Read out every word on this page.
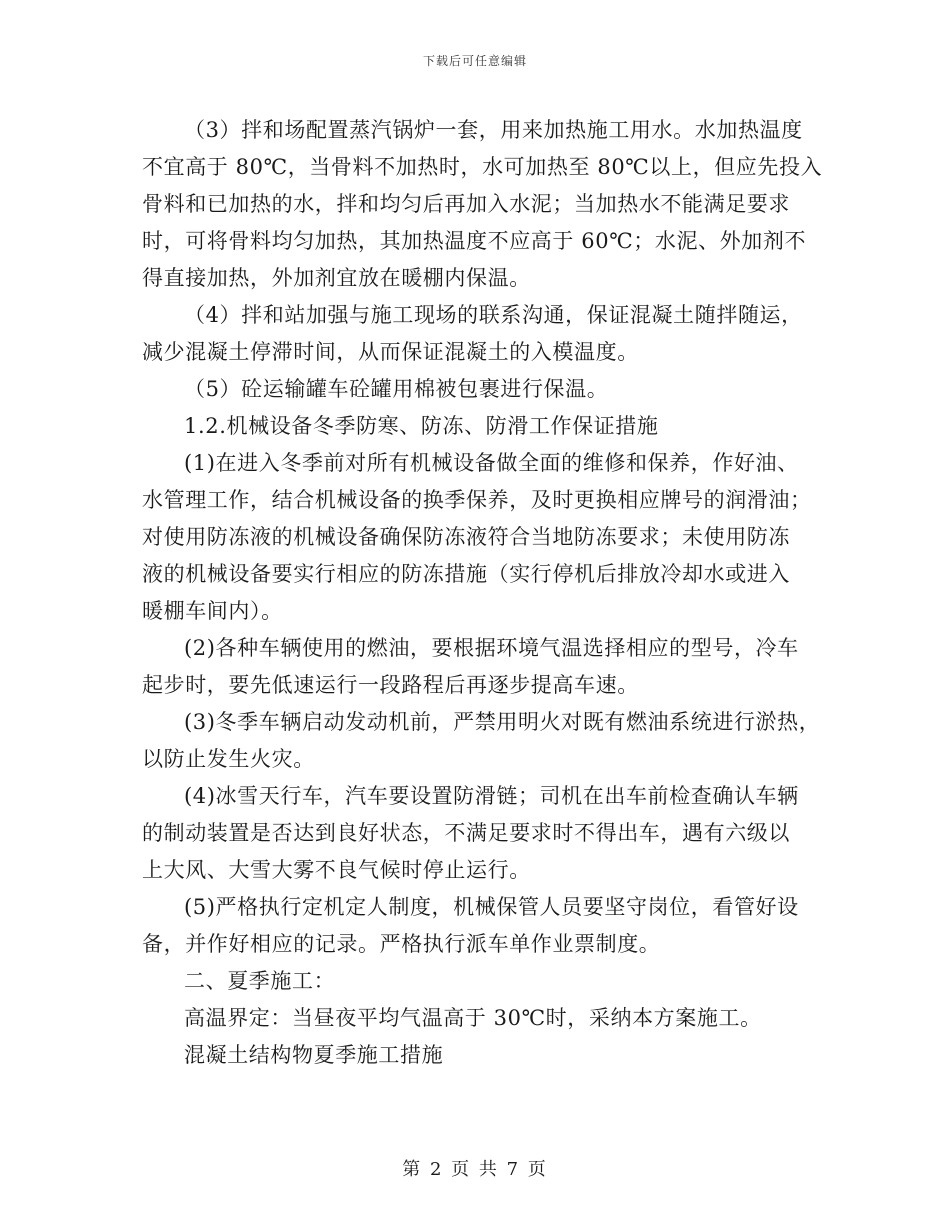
下载后可任意编辑

（3）拌和场配置蒸汽锅炉一套，用来加热施工用水。水加热温度
不宜高于 80℃，当骨料不加热时，水可加热至 80℃以上，但应先投入
骨料和已加热的水，拌和均匀后再加入水泥；当加热水不能满足要求
时，可将骨料均匀加热，其加热温度不应高于 60℃；水泥、外加剂不
得直接加热，外加剂宜放在暖棚内保温。

（4）拌和站加强与施工现场的联系沟通，保证混凝土随拌随运，
减少混凝土停滞时间，从而保证混凝土的入模温度。

（5）砼运输罐车砼罐用棉被包裹进行保温。

1.2.机械设备冬季防寒、防冻、防滑工作保证措施

(1)在进入冬季前对所有机械设备做全面的维修和保养，作好油、
水管理工作，结合机械设备的换季保养，及时更换相应牌号的润滑油；
对使用防冻液的机械设备确保防冻液符合当地防冻要求；未使用防冻
液的机械设备要实行相应的防冻措施（实行停机后排放冷却水或进入
暖棚车间内）。

(2)各种车辆使用的燃油，要根据环境气温选择相应的型号，冷车
起步时，要先低速运行一段路程后再逐步提高车速。

(3)冬季车辆启动发动机前，严禁用明火对既有燃油系统进行淤热，
以防止发生火灾。

(4)冰雪天行车，汽车要设置防滑链；司机在出车前检查确认车辆
的制动装置是否达到良好状态，不满足要求时不得出车，遇有六级以
上大风、大雪大雾不良气候时停止运行。

(5)严格执行定机定人制度，机械保管人员要坚守岗位，看管好设
备，并作好相应的记录。严格执行派车单作业票制度。

二、夏季施工：

高温界定：当昼夜平均气温高于 30℃时，采纳本方案施工。

混凝土结构物夏季施工措施

第 2 页 共 7 页
